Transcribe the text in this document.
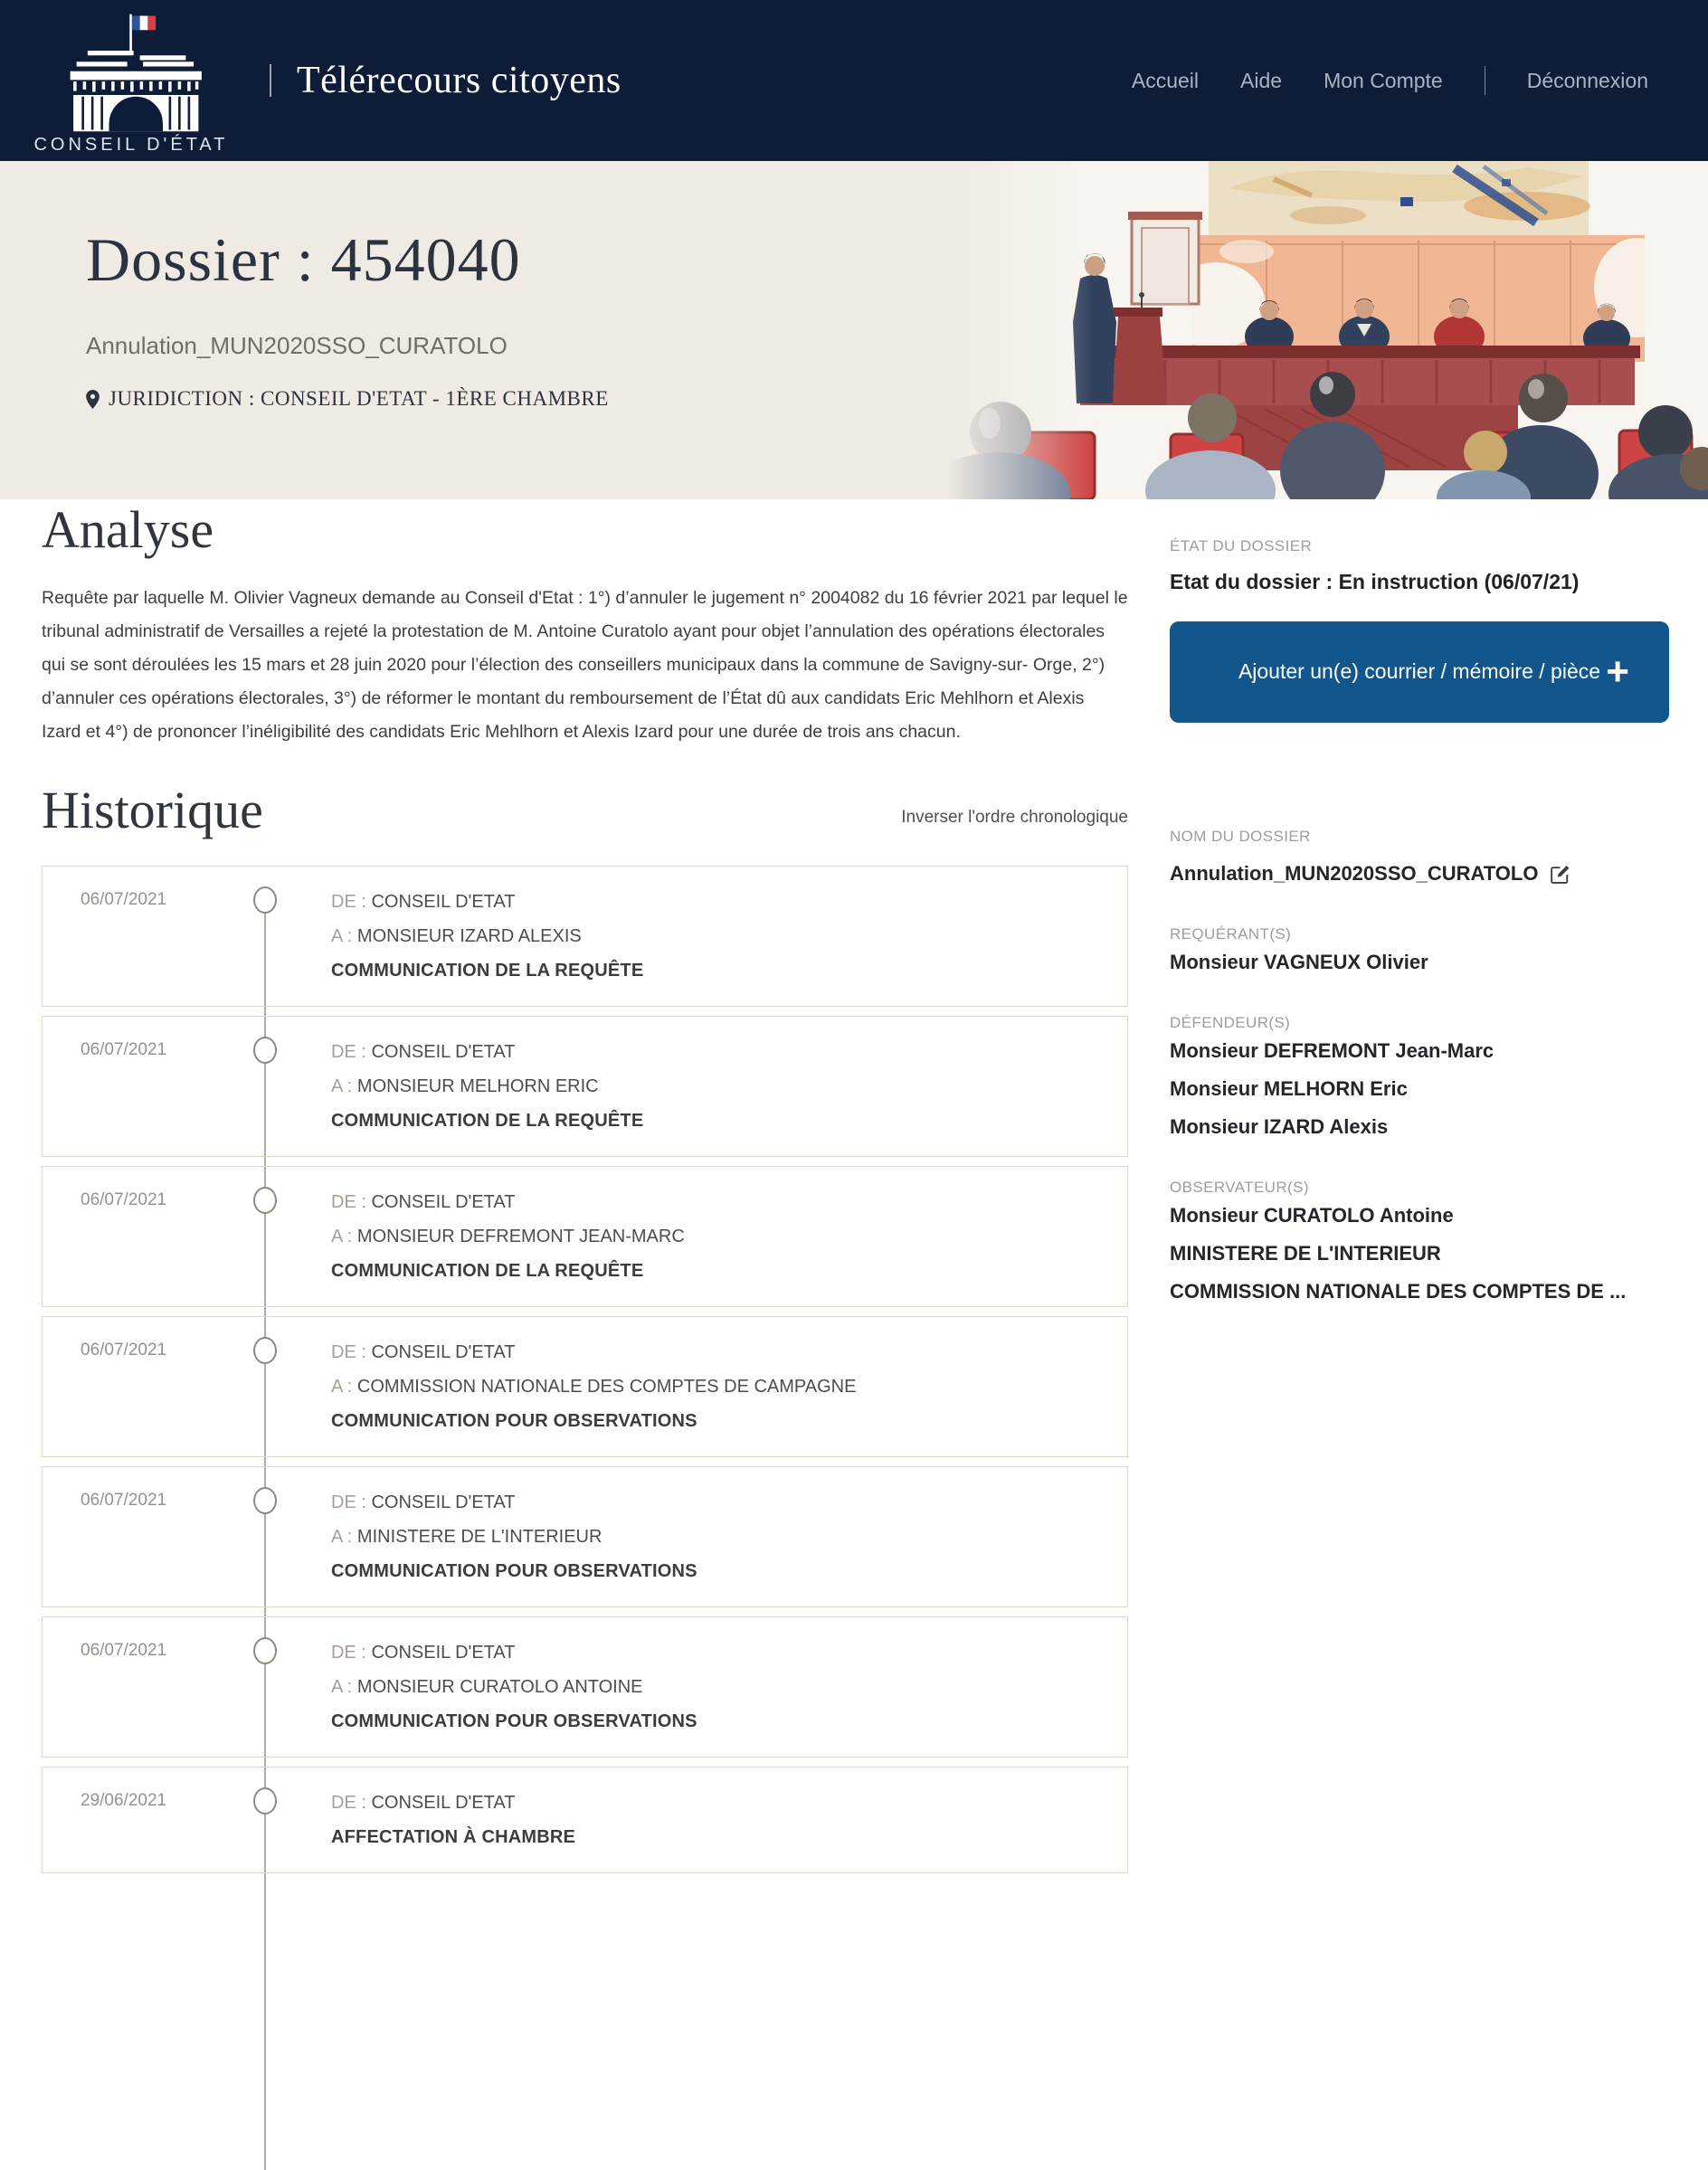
CONSEIL D'ÉTAT
Télérecours citoyens	Accueil Aide Mon Compte	Déconnexion
Dossier : 454040
Annulation_MUN2020SSO_CURATOLO
JURIDICTION : CONSEIL D'ETAT - 1ÈRE CHAMBRE
Analyse

Requête par laquelle M. Olivier Vagneux demande au Conseil d'Etat : 1°) d’annuler le jugement n° 2004082 du 16 février 2021 par lequel le tribunal administratif de Versailles a rejeté la protestation de M. Antoine Curatolo ayant pour objet l’annulation des opérations électorales qui se sont déroulées les 15 mars et 28 juin 2020 pour l’élection des conseillers municipaux dans la commune de Savigny-sur- Orge, 2°) d’annuler ces opérations électorales, 3°) de réformer le montant du remboursement de l’État dû aux candidats Eric Mehlhorn et Alexis Izard et 4°) de prononcer l’inéligibilité des candidats Eric Mehlhorn et Alexis Izard pour une durée de trois ans chacun.

Historique	Inverser l'ordre chronologique
06/07/2021	DE : CONSEIL D'ETAT
A : MONSIEUR IZARD ALEXIS
COMMUNICATION DE LA REQUÊTE
06/07/2021	DE : CONSEIL D'ETAT
A : MONSIEUR MELHORN ERIC
COMMUNICATION DE LA REQUÊTE
06/07/2021	DE : CONSEIL D'ETAT
A : MONSIEUR DEFREMONT JEAN-MARC
COMMUNICATION DE LA REQUÊTE
06/07/2021	DE : CONSEIL D'ETAT
A : COMMISSION NATIONALE DES COMPTES DE CAMPAGNE
COMMUNICATION POUR OBSERVATIONS
06/07/2021	DE : CONSEIL D'ETAT
A : MINISTERE DE L'INTERIEUR
COMMUNICATION POUR OBSERVATIONS
06/07/2021	DE : CONSEIL D'ETAT
A : MONSIEUR CURATOLO ANTOINE
COMMUNICATION POUR OBSERVATIONS
29/06/2021	DE : CONSEIL D'ETAT
AFFECTATION À CHAMBRE
ÉTAT DU DOSSIER
Etat du dossier : En instruction (06/07/21)
Ajouter un(e) courrier / mémoire / pièce +
NOM DU DOSSIER
Annulation_MUN2020SSO_CURATOLO
REQUÉRANT(S)
Monsieur VAGNEUX Olivier
DÉFENDEUR(S)
Monsieur DEFREMONT Jean-Marc
Monsieur MELHORN Eric
Monsieur IZARD Alexis
OBSERVATEUR(S)
Monsieur CURATOLO Antoine
MINISTERE DE L'INTERIEUR
COMMISSION NATIONALE DES COMPTES DE ...
